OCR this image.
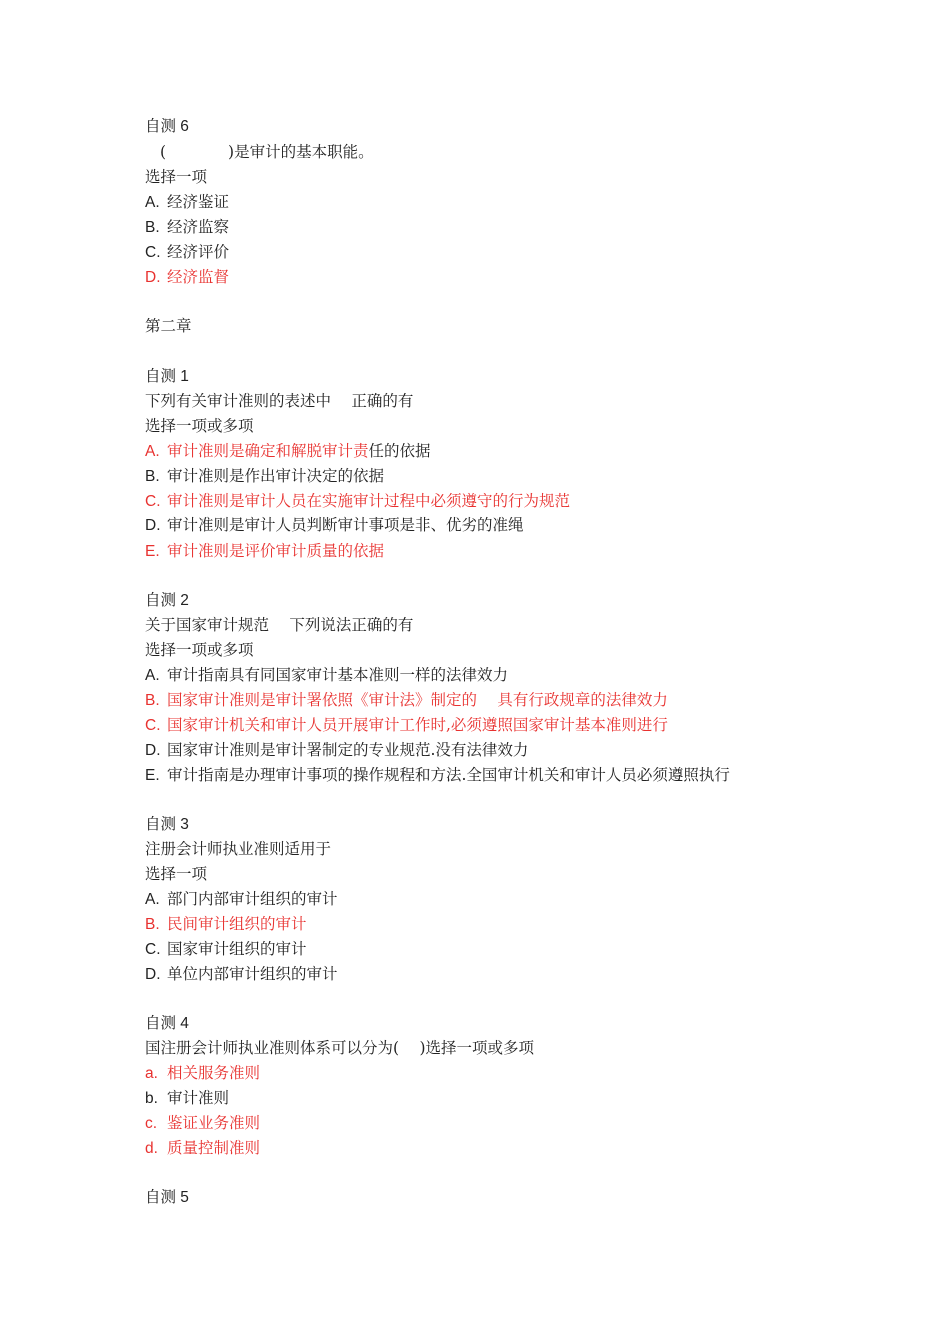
自测 6

(　　　　)是审计的基本职能。

选择一项

A. 经济鉴证

B. 经济监察

C. 经济评价

D. 经济监督

第二章

自测 1

下列有关审计准则的表述中　 正确的有

选择一项或多项

A. 审计准则是确定和解脱审计责任的依据

B. 审计准则是作出审计决定的依据

C. 审计准则是审计人员在实施审计过程中必须遵守的行为规范

D. 审计准则是审计人员判断审计事项是非、优劣的准绳

E. 审计准则是评价审计质量的依据

自测 2

关于国家审计规范　 下列说法正确的有

选择一项或多项

A. 审计指南具有同国家审计基本准则一样的法律效力

B. 国家审计准则是审计署依照《审计法》制定的　 具有行政规章的法律效力

C. 国家审计机关和审计人员开展审计工作时,必须遵照国家审计基本准则进行

D. 国家审计准则是审计署制定的专业规范.没有法律效力

E. 审计指南是办理审计事项的操作规程和方法.全国审计机关和审计人员必须遵照执行

自测 3

注册会计师执业准则适用于

选择一项

A. 部门内部审计组织的审计

B. 民间审计组织的审计

C. 国家审计组织的审计

D. 单位内部审计组织的审计

自测 4

国注册会计师执业准则体系可以分为(　 )选择一项或多项

a. 相关服务准则

b. 审计准则

c. 鉴证业务准则

d. 质量控制准则

自测 5
